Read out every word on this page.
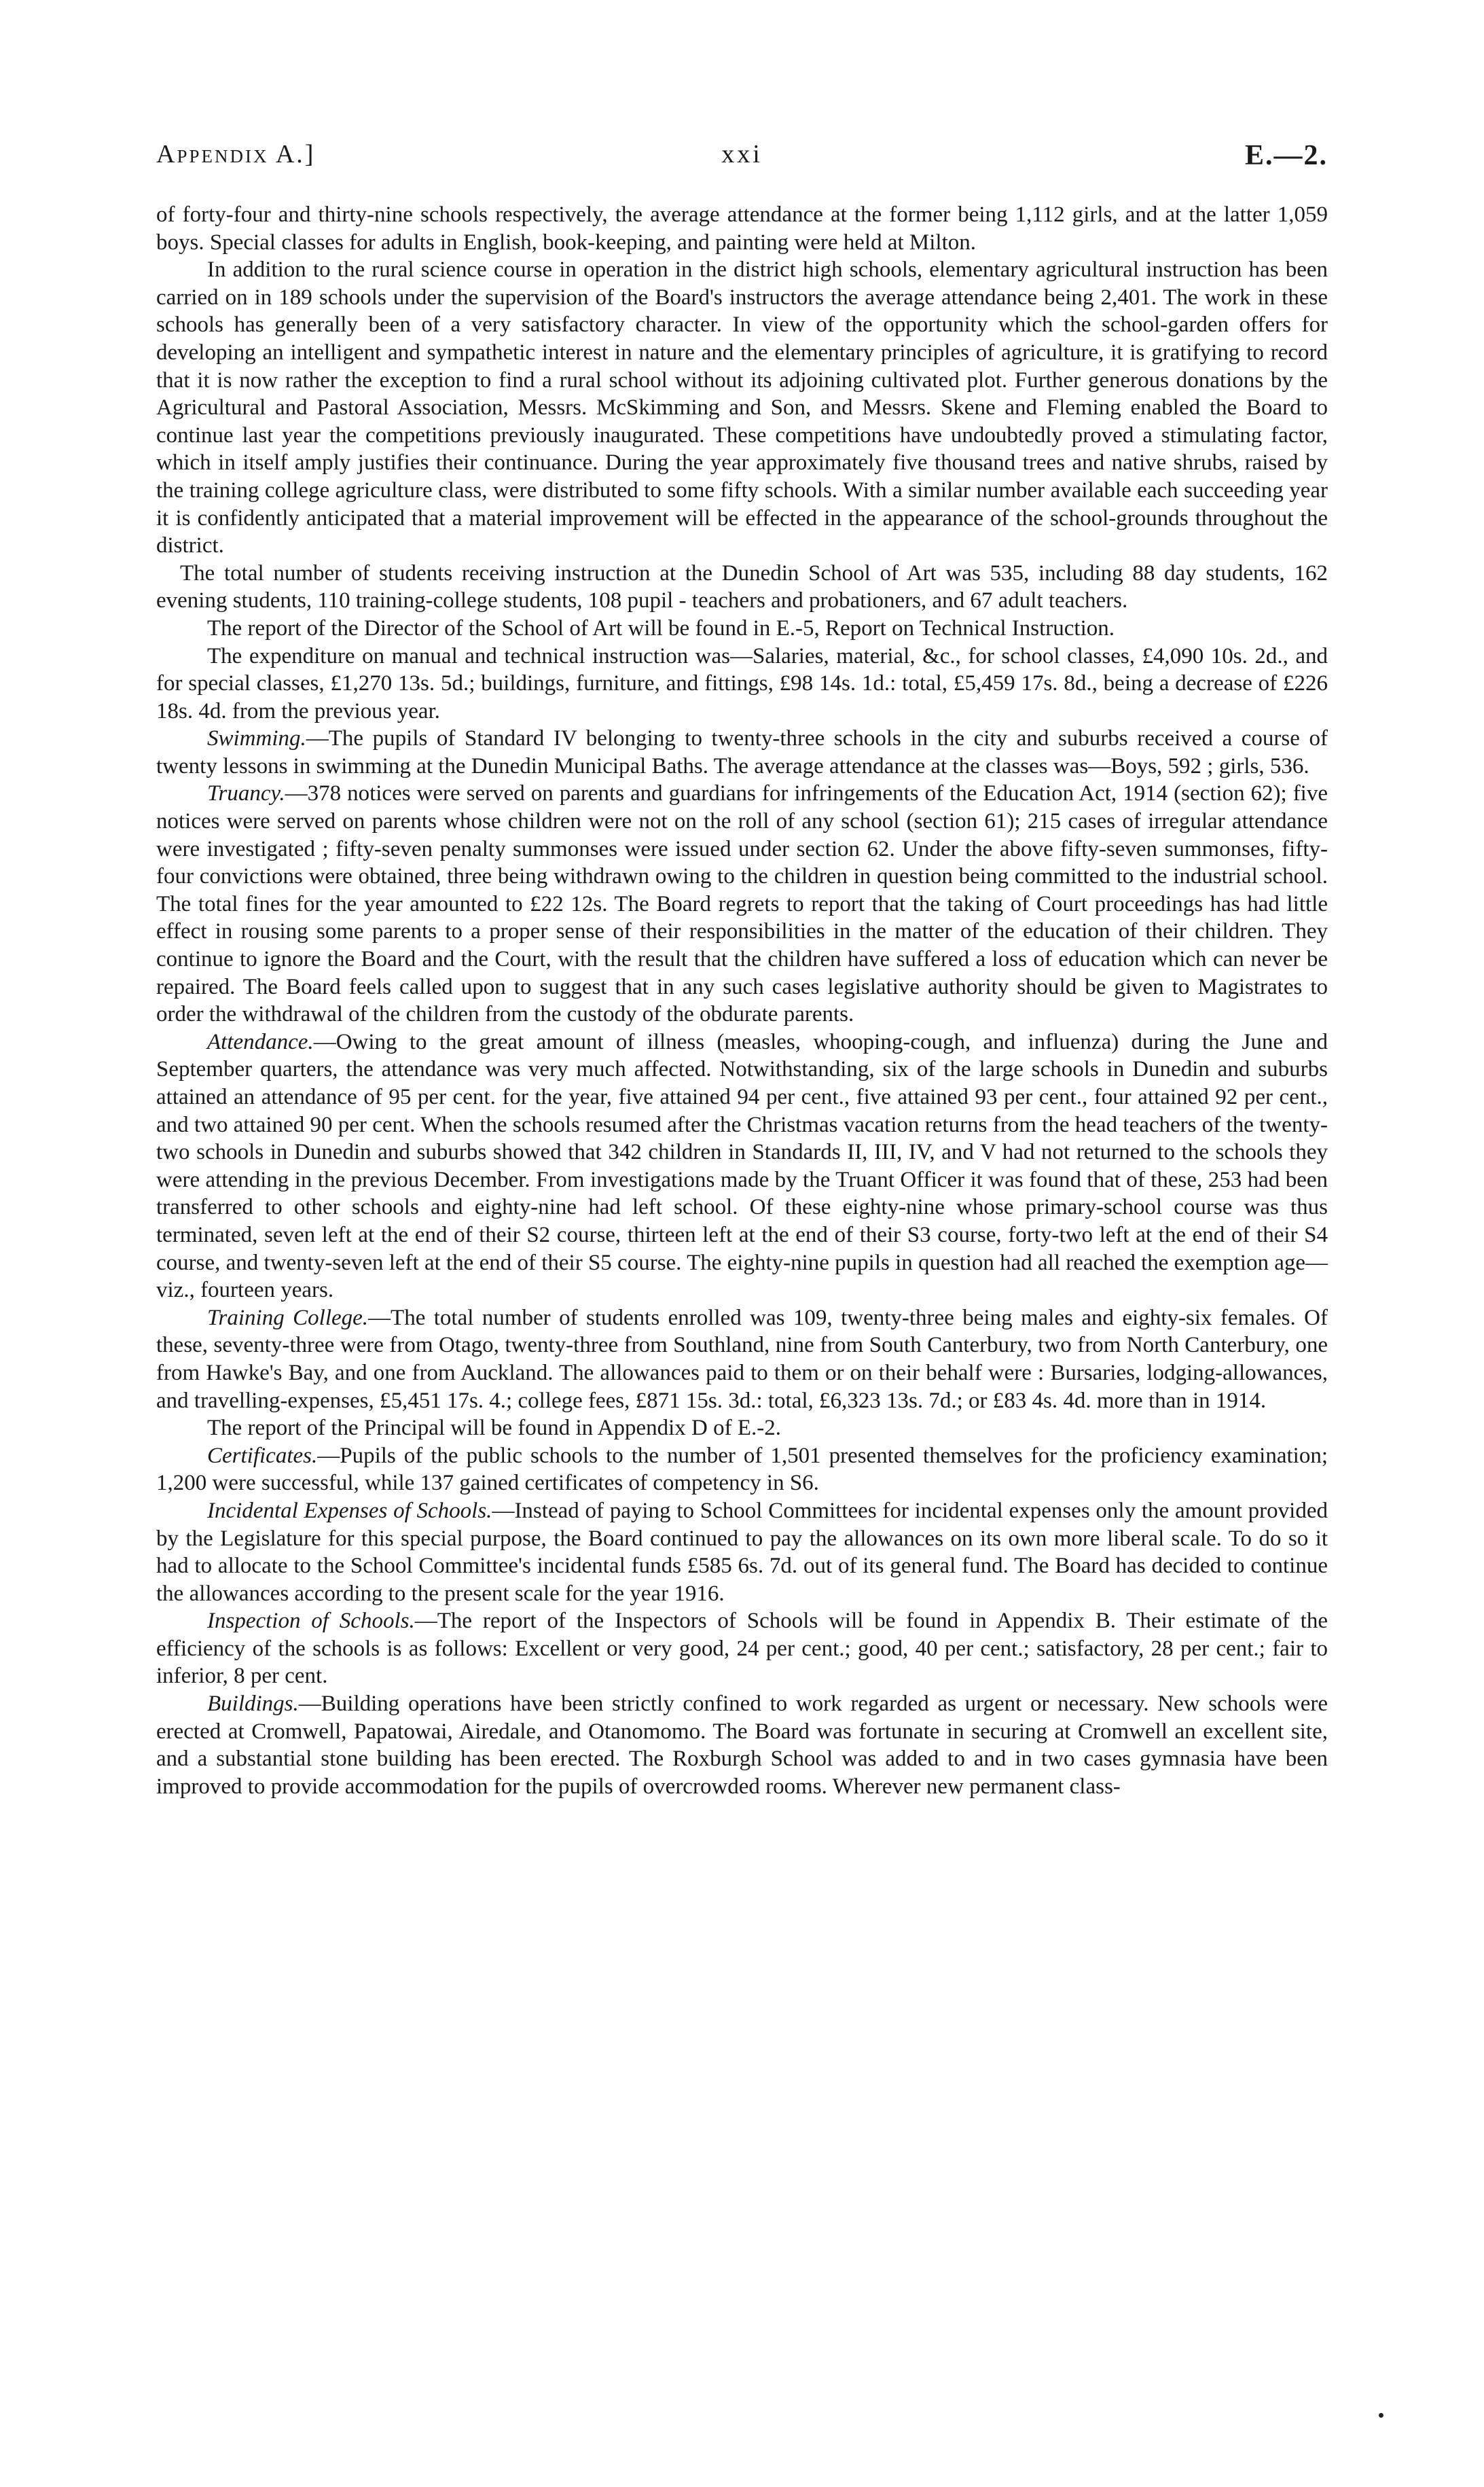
Appendix A.]	xxi	E.—2.

of forty-four and thirty-nine schools respectively, the average attendance at the former being 1,112 girls, and at the latter 1,059 boys. Special classes for adults in English, book-keeping, and painting were held at Milton.

In addition to the rural science course in operation in the district high schools, elementary agricultural instruction has been carried on in 189 schools under the supervision of the Board's instructors the average attendance being 2,401. The work in these schools has generally been of a very satisfactory character. In view of the opportunity which the school-garden offers for developing an intelligent and sympathetic interest in nature and the elementary principles of agriculture, it is gratifying to record that it is now rather the exception to find a rural school without its adjoining cultivated plot. Further generous donations by the Agricultural and Pastoral Association, Messrs. McSkimming and Son, and Messrs. Skene and Fleming enabled the Board to continue last year the competitions previously inaugurated. These competitions have undoubtedly proved a stimulating factor, which in itself amply justifies their continuance. During the year approximately five thousand trees and native shrubs, raised by the training college agriculture class, were distributed to some fifty schools. With a similar number available each succeeding year it is confidently anticipated that a material improvement will be effected in the appearance of the school-grounds throughout the district.

The total number of students receiving instruction at the Dunedin School of Art was 535, including 88 day students, 162 evening students, 110 training-college students, 108 pupil - teachers and probationers, and 67 adult teachers.

The report of the Director of the School of Art will be found in E.-5, Report on Technical Instruction.

The expenditure on manual and technical instruction was—Salaries, material, &c., for school classes, £4,090 10s. 2d., and for special classes, £1,270 13s. 5d.; buildings, furniture, and fittings, £98 14s. 1d.: total, £5,459 17s. 8d., being a decrease of £226 18s. 4d. from the previous year.

Swimming.—The pupils of Standard IV belonging to twenty-three schools in the city and suburbs received a course of twenty lessons in swimming at the Dunedin Municipal Baths. The average attendance at the classes was—Boys, 592 ; girls, 536.

Truancy.—378 notices were served on parents and guardians for infringements of the Education Act, 1914 (section 62); five notices were served on parents whose children were not on the roll of any school (section 61); 215 cases of irregular attendance were investigated ; fifty-seven penalty summonses were issued under section 62. Under the above fifty-seven summonses, fifty-four convictions were obtained, three being withdrawn owing to the children in question being committed to the industrial school. The total fines for the year amounted to £22 12s. The Board regrets to report that the taking of Court proceedings has had little effect in rousing some parents to a proper sense of their responsibilities in the matter of the education of their children. They continue to ignore the Board and the Court, with the result that the children have suffered a loss of education which can never be repaired. The Board feels called upon to suggest that in any such cases legislative authority should be given to Magistrates to order the withdrawal of the children from the custody of the obdurate parents.

Attendance.—Owing to the great amount of illness (measles, whooping-cough, and influenza) during the June and September quarters, the attendance was very much affected. Notwithstanding, six of the large schools in Dunedin and suburbs attained an attendance of 95 per cent. for the year, five attained 94 per cent., five attained 93 per cent., four attained 92 per cent., and two attained 90 per cent. When the schools resumed after the Christmas vacation returns from the head teachers of the twenty-two schools in Dunedin and suburbs showed that 342 children in Standards II, III, IV, and V had not returned to the schools they were attending in the previous December. From investigations made by the Truant Officer it was found that of these, 253 had been transferred to other schools and eighty-nine had left school. Of these eighty-nine whose primary-school course was thus terminated, seven left at the end of their S2 course, thirteen left at the end of their S3 course, forty-two left at the end of their S4 course, and twenty-seven left at the end of their S5 course. The eighty-nine pupils in question had all reached the exemption age—viz., fourteen years.

Training College.—The total number of students enrolled was 109, twenty-three being males and eighty-six females. Of these, seventy-three were from Otago, twenty-three from Southland, nine from South Canterbury, two from North Canterbury, one from Hawke's Bay, and one from Auckland. The allowances paid to them or on their behalf were : Bursaries, lodging-allowances, and travelling-expenses, £5,451 17s. 4.; college fees, £871 15s. 3d.: total, £6,323 13s. 7d.; or £83 4s. 4d. more than in 1914.

The report of the Principal will be found in Appendix D of E.-2.

Certificates.—Pupils of the public schools to the number of 1,501 presented themselves for the proficiency examination; 1,200 were successful, while 137 gained certificates of competency in S6.

Incidental Expenses of Schools.—Instead of paying to School Committees for incidental expenses only the amount provided by the Legislature for this special purpose, the Board continued to pay the allowances on its own more liberal scale. To do so it had to allocate to the School Committee's incidental funds £585 6s. 7d. out of its general fund. The Board has decided to continue the allowances according to the present scale for the year 1916.

Inspection of Schools.—The report of the Inspectors of Schools will be found in Appendix B. Their estimate of the efficiency of the schools is as follows: Excellent or very good, 24 per cent.; good, 40 per cent.; satisfactory, 28 per cent.; fair to inferior, 8 per cent.

Buildings.—Building operations have been strictly confined to work regarded as urgent or necessary. New schools were erected at Cromwell, Papatowai, Airedale, and Otanomomo. The Board was fortunate in securing at Cromwell an excellent site, and a substantial stone building has been erected. The Roxburgh School was added to and in two cases gymnasia have been improved to provide accommodation for the pupils of overcrowded rooms. Wherever new permanent class-
